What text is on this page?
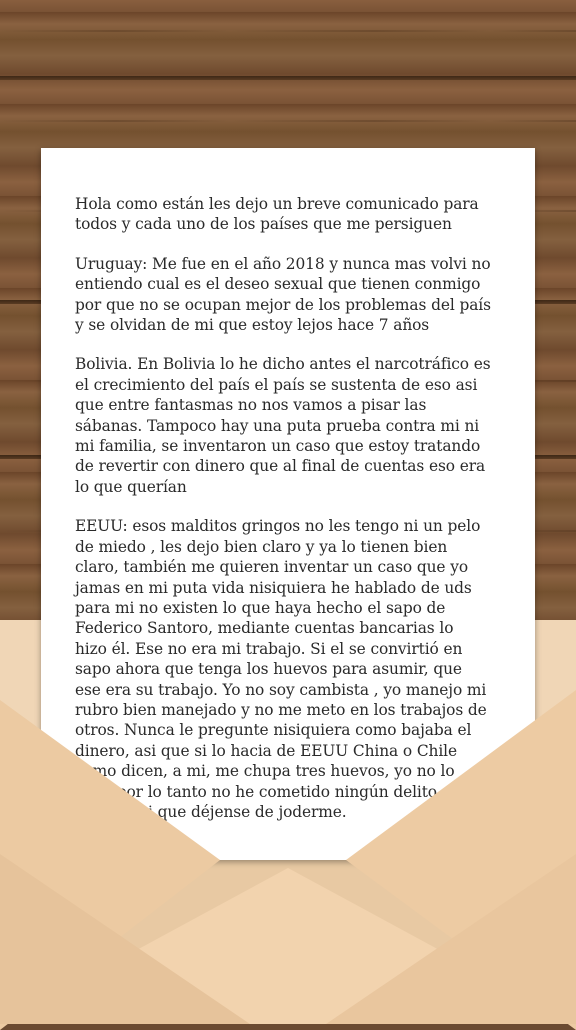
Hola como están les dejo un breve comunicado para
todos y cada uno de los países que me persiguen

Uruguay: Me fue en el año 2018 y nunca mas volvi no
entiendo cual es el deseo sexual que tienen conmigo
por que no se ocupan mejor de los problemas del país
y se olvidan de mi que estoy lejos hace 7 años

Bolivia. En Bolivia lo he dicho antes el narcotráfico es
el crecimiento del país el país se sustenta de eso asi
que entre fantasmas no nos vamos a pisar las
sábanas. Tampoco hay una puta prueba contra mi ni
mi familia, se inventaron un caso que estoy tratando
de revertir con dinero que al final de cuentas eso era
lo que querían

EEUU: esos malditos gringos no les tengo ni un pelo
de miedo , les dejo bien claro y ya lo tienen bien
claro, también me quieren inventar un caso que yo
jamas en mi puta vida nisiquiera he hablado de uds
para mi no existen lo que haya hecho el sapo de
Federico Santoro, mediante cuentas bancarias lo
hizo él. Ese no era mi trabajo. Si el se convirtió en
sapo ahora que tenga los huevos para asumir, que
ese era su trabajo. Yo no soy cambista , yo manejo mi
rubro bien manejado y no me meto en los trabajos de
otros. Nunca le pregunte nisiquiera como bajaba el
dinero, asi que si lo hacia de EEUU China o Chile
como dicen, a mi, me chupa tres huevos, yo no lo
hice, por lo tanto no he cometido ningún delito en los
EEUU, asi que déjense de joderme.
